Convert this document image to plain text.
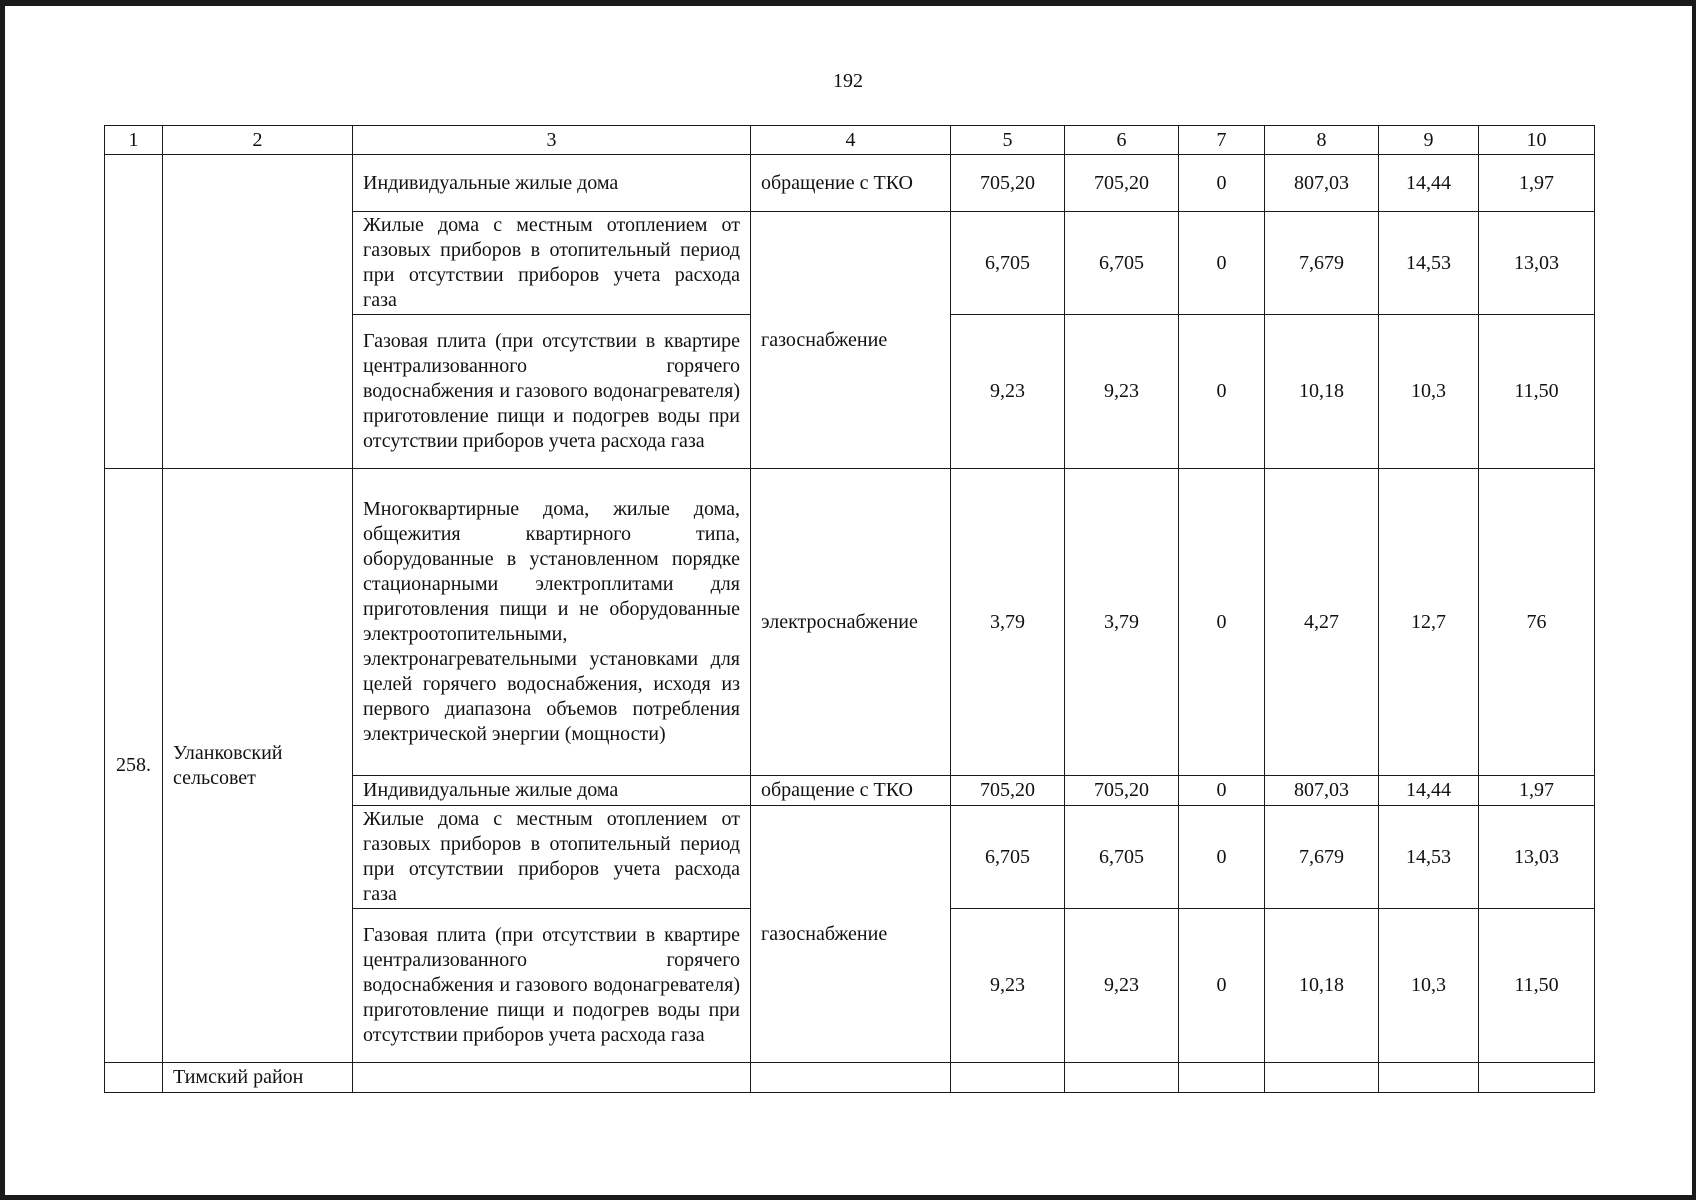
192
1	2	3	4	5	6	7	8	9	10
		Индивидуальные жилые дома	обращение с ТКО	705,20	705,20	0	807,03	14,44	1,97
		Жилые дома с местным отоплением от газовых приборов в отопительный период при отсутствии приборов учета расхода газа	газоснабжение	6,705	6,705	0	7,679	14,53	13,03
		Газовая плита (при отсутствии в квартире централизованного горячего водоснабжения и газового водонагревателя) приготовление пищи и подогрев воды при отсутствии приборов учета расхода газа		9,23	9,23	0	10,18	10,3	11,50
258.	Уланковский сельсовет	Многоквартирные дома, жилые дома, общежития квартирного типа, оборудованные в установленном порядке стационарными электроплитами для приготовления пищи и не оборудованные электроотопительными, электронагревательными установками для целей горячего водоснабжения, исходя из первого диапазона объемов потребления электрической энергии (мощности)	электроснабжение	3,79	3,79	0	4,27	12,7	76
		Индивидуальные жилые дома	обращение с ТКО	705,20	705,20	0	807,03	14,44	1,97
		Жилые дома с местным отоплением от газовых приборов в отопительный период при отсутствии приборов учета расхода газа	газоснабжение	6,705	6,705	0	7,679	14,53	13,03
		Газовая плита (при отсутствии в квартире централизованного горячего водоснабжения и газового водонагревателя) приготовление пищи и подогрев воды при отсутствии приборов учета расхода газа		9,23	9,23	0	10,18	10,3	11,50
	Тимский район								
